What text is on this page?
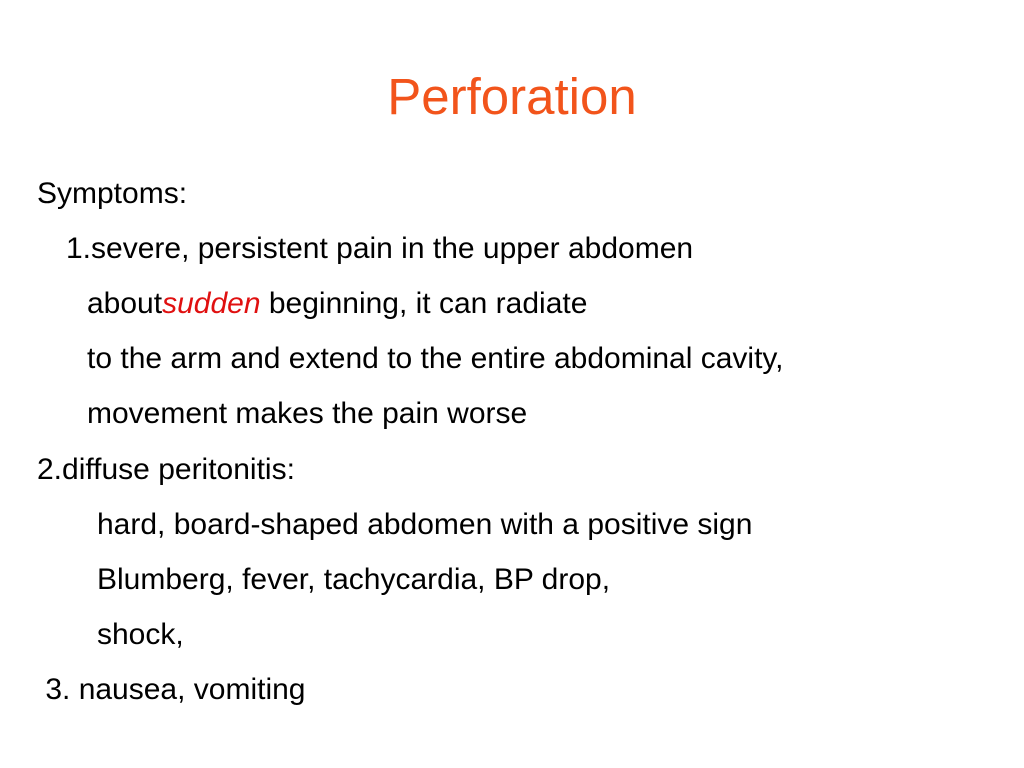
Perforation

Symptoms:

1.severe, persistent pain in the upper abdomen

aboutsudden beginning, it can radiate

to the arm and extend to the entire abdominal cavity,

movement makes the pain worse

2.diffuse peritonitis:

hard, board-shaped abdomen with a positive sign

Blumberg, fever, tachycardia, BP drop,

shock,

3. nausea, vomiting
